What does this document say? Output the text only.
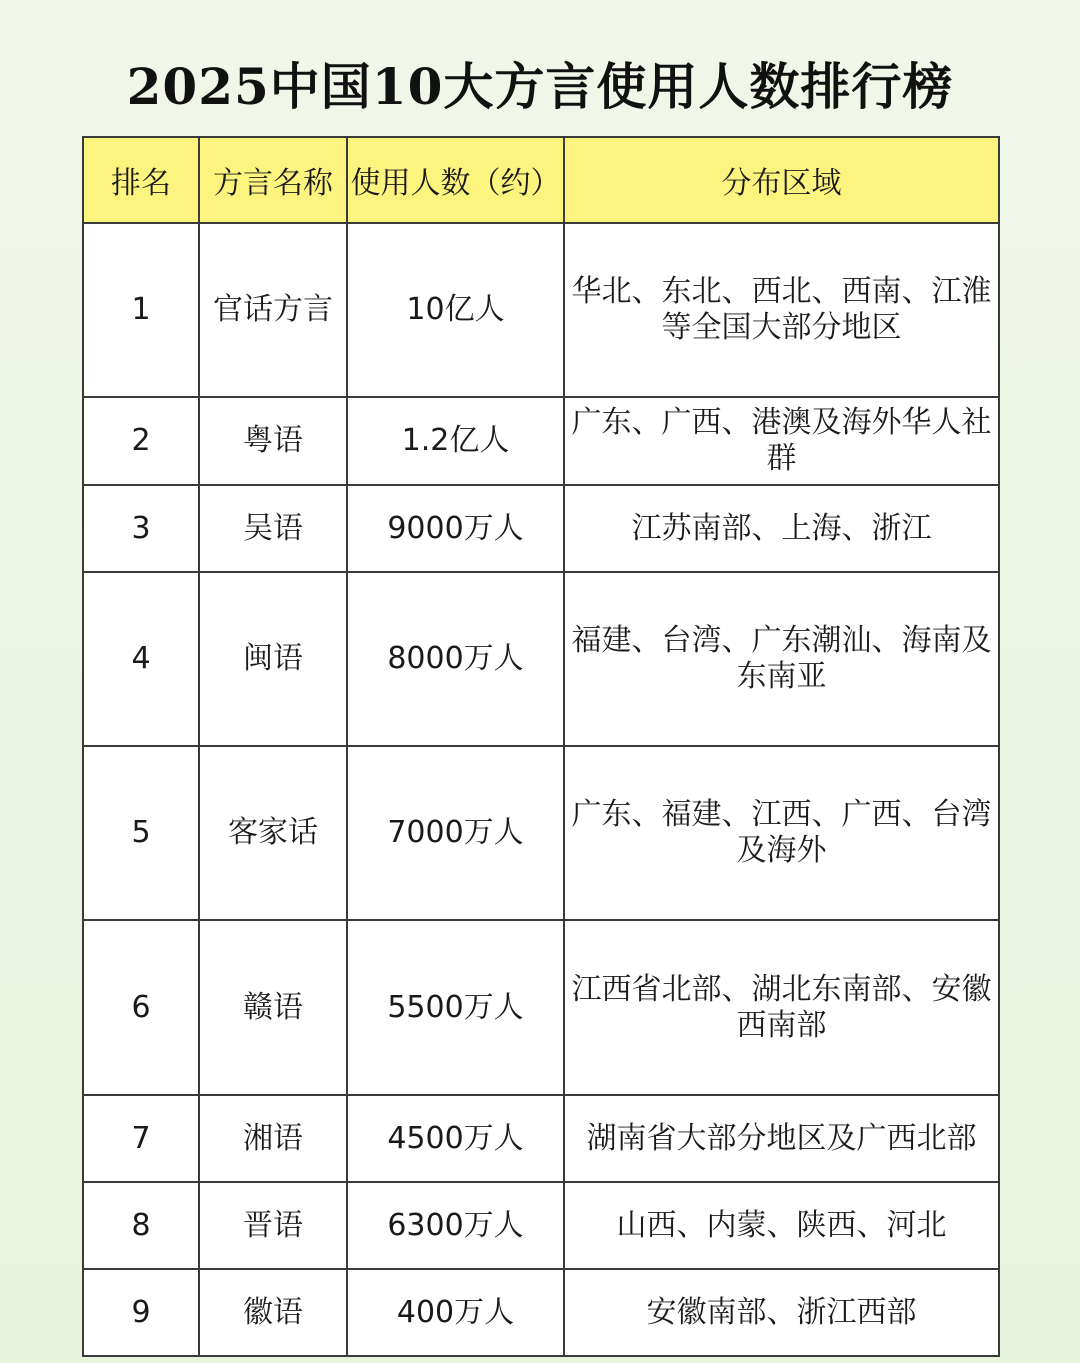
2025中国10大方言使用人数排行榜
排名	方言名称	使用人数（约）	分布区域
1	官话方言	10亿人	华北、东北、西北、西南、江淮等全国大部分地区
2	粤语	1.2亿人	广东、广西、港澳及海外华人社群
3	吴语	9000万人	江苏南部、上海、浙江
4	闽语	8000万人	福建、台湾、广东潮汕、海南及东南亚
5	客家话	7000万人	广东、福建、江西、广西、台湾及海外
6	赣语	5500万人	江西省北部、湖北东南部、安徽西南部
7	湘语	4500万人	湖南省大部分地区及广西北部
8	晋语	6300万人	山西、内蒙、陕西、河北
9	徽语	400万人	安徽南部、浙江西部
